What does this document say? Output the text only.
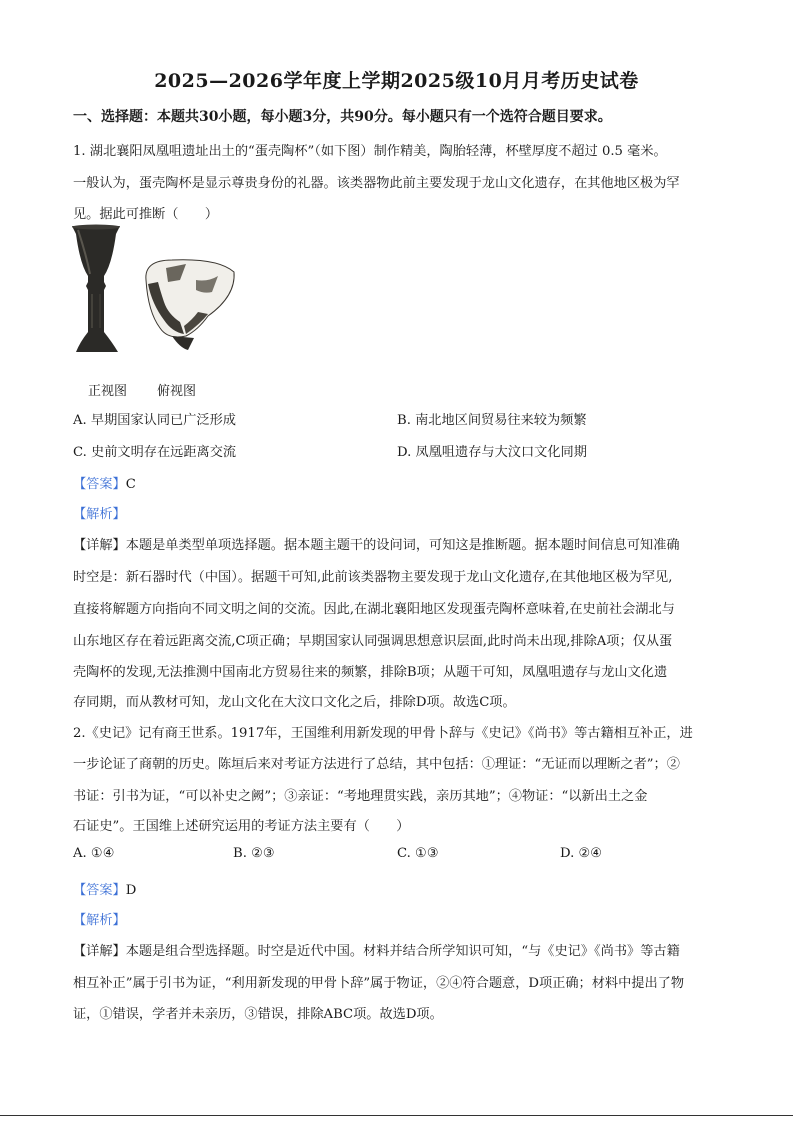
2025—2026学年度上学期2025级10月月考历史试卷
一、选择题：本题共30小题，每小题3分，共90分。每小题只有一个选符合题目要求。
1. 湖北襄阳凤凰咀遗址出土的“蛋壳陶杯”（如下图）制作精美，陶胎轻薄，杯壁厚度不超过 0.5 毫米。
一般认为，蛋壳陶杯是显示尊贵身份的礼器。该类器物此前主要发现于龙山文化遗存，在其他地区极为罕
见。据此可推断（　　）
正视图 俯视图
A. 早期国家认同已广泛形成	B. 南北地区间贸易往来较为频繁
C. 史前文明存在远距离交流	D. 凤凰咀遗存与大汶口文化同期
【答案】C
【解析】
【详解】本题是单类型单项选择题。据本题主题干的设问词，可知这是推断题。据本题时间信息可知准确
时空是：新石器时代（中国）。据题干可知,此前该类器物主要发现于龙山文化遗存,在其他地区极为罕见,
直接将解题方向指向不同文明之间的交流。因此,在湖北襄阳地区发现蛋壳陶杯意味着,在史前社会湖北与
山东地区存在着远距离交流,C项正确；早期国家认同强调思想意识层面,此时尚未出现,排除A项；仅从蛋
壳陶杯的发现,无法推测中国南北方贸易往来的频繁，排除B项；从题干可知，凤凰咀遗存与龙山文化遗
存同期，而从教材可知，龙山文化在大汶口文化之后，排除D项。故选C项。
2.《史记》记有商王世系。1917年，王国维利用新发现的甲骨卜辞与《史记》《尚书》等古籍相互补正，进
一步论证了商朝的历史。陈垣后来对考证方法进行了总结，其中包括：①理证：“无证而以理断之者”；②
书证：引书为证，“可以补史之阙”；③亲证：“考地理贯实践，亲历其地”；④物证：“以新出土之金
石证史”。王国维上述研究运用的考证方法主要有（　　）
A. ①④	B. ②③	C. ①③	D. ②④
【答案】D
【解析】
【详解】本题是组合型选择题。时空是近代中国。材料并结合所学知识可知，“与《史记》《尚书》等古籍
相互补正”属于引书为证，“利用新发现的甲骨卜辞”属于物证，②④符合题意，D项正确；材料中提出了物
证，①错误，学者并未亲历，③错误，排除ABC项。故选D项。
